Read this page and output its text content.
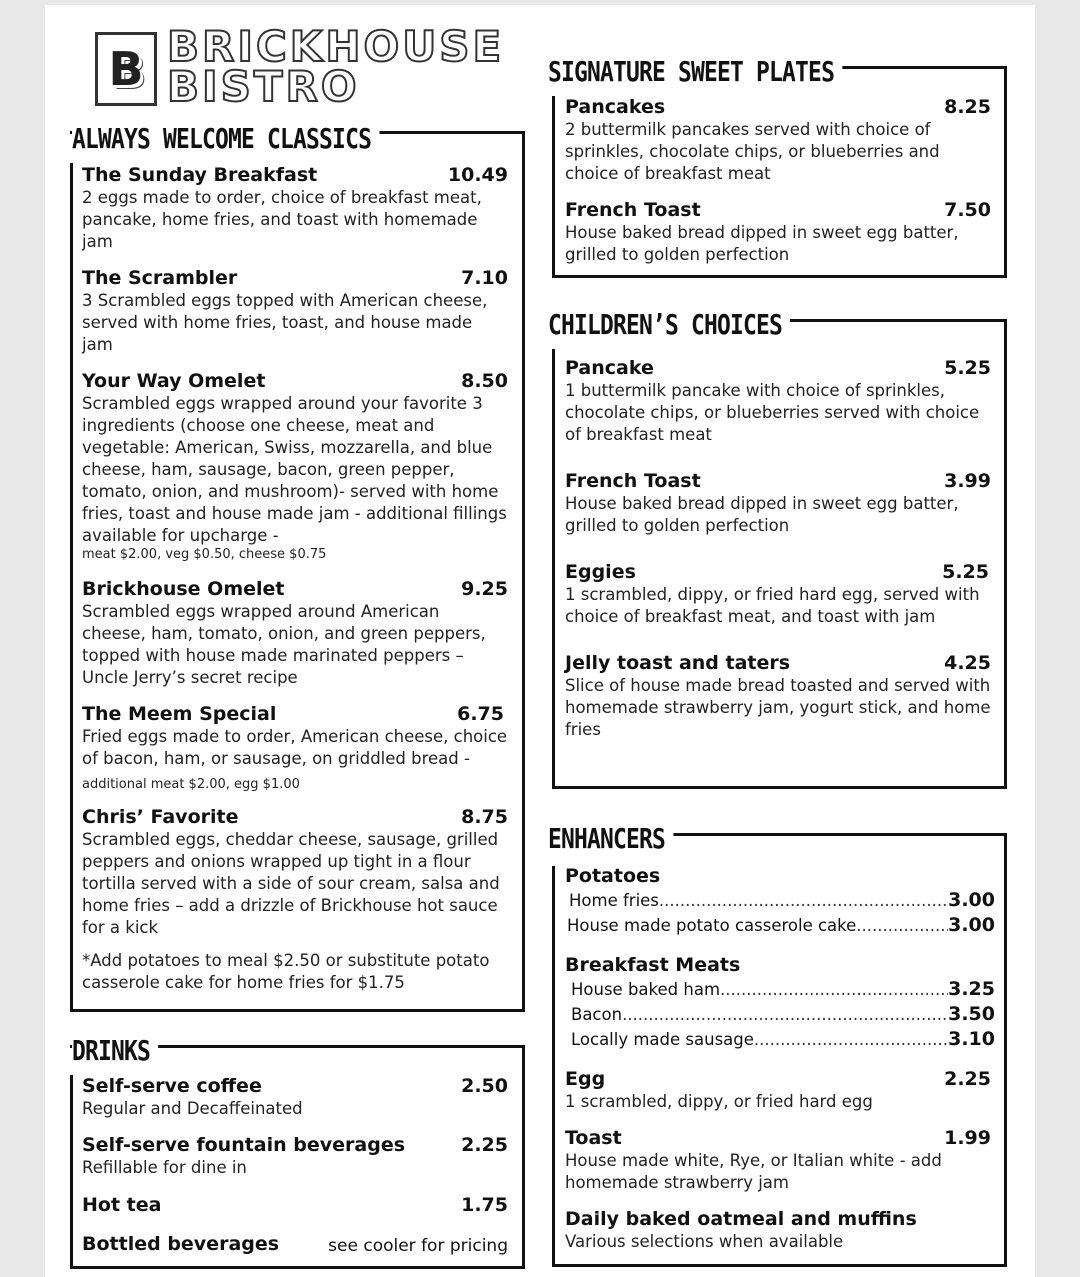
B BRICKHOUSE
BISTRO
ALWAYS WELCOME CLASSICS
The Sunday Breakfast	10.49
2 eggs made to order, choice of breakfast meat, pancake, home fries, and toast with homemade jam
The Scrambler	7.10
3 Scrambled eggs topped with American cheese, served with home fries, toast, and house made jam
Your Way Omelet	8.50
Scrambled eggs wrapped around your favorite 3 ingredients (choose one cheese, meat and vegetable: American, Swiss, mozzarella, and blue cheese, ham, sausage, bacon, green pepper, tomato, onion, and mushroom)- served with home fries, toast and house made jam - additional fillings available for upcharge -
meat $2.00, veg $0.50, cheese $0.75
Brickhouse Omelet	9.25
Scrambled eggs wrapped around American cheese, ham, tomato, onion, and green peppers, topped with house made marinated peppers – Uncle Jerry’s secret recipe
The Meem Special	6.75
Fried eggs made to order, American cheese, choice of bacon, ham, or sausage, on griddled bread - additional meat $2.00, egg $1.00
Chris’ Favorite	8.75
Scrambled eggs, cheddar cheese, sausage, grilled peppers and onions wrapped up tight in a flour tortilla served with a side of sour cream, salsa and home fries – add a drizzle of Brickhouse hot sauce for a kick
*Add potatoes to meal $2.50 or substitute potato casserole cake for home fries for $1.75
DRINKS
Self-serve coffee	2.50
Regular and Decaffeinated
Self-serve fountain beverages	2.25
Refillable for dine in
Hot tea	1.75
Bottled beverages	see cooler for pricing
SIGNATURE SWEET PLATES
Pancakes	8.25
2 buttermilk pancakes served with choice of sprinkles, chocolate chips, or blueberries and choice of breakfast meat
French Toast	7.50
House baked bread dipped in sweet egg batter, grilled to golden perfection
CHILDREN’S CHOICES
Pancake	5.25
1 buttermilk pancake with choice of sprinkles, chocolate chips, or blueberries served with choice of breakfast meat
French Toast	3.99
House baked bread dipped in sweet egg batter, grilled to golden perfection
Eggies	5.25
1 scrambled, dippy, or fried hard egg, served with choice of breakfast meat, and toast with jam
Jelly toast and taters	4.25
Slice of house made bread toasted and served with homemade strawberry jam, yogurt stick, and home fries
ENHANCERS
Potatoes
Home fries .....	3.00
House made potato casserole cake .....	3.00
Breakfast Meats
House baked ham .....	3.25
Bacon .....	3.50
Locally made sausage .....	3.10
Egg	2.25
1 scrambled, dippy, or fried hard egg
Toast	1.99
House made white, Rye, or Italian white - add homemade strawberry jam
Daily baked oatmeal and muffins
Various selections when available
